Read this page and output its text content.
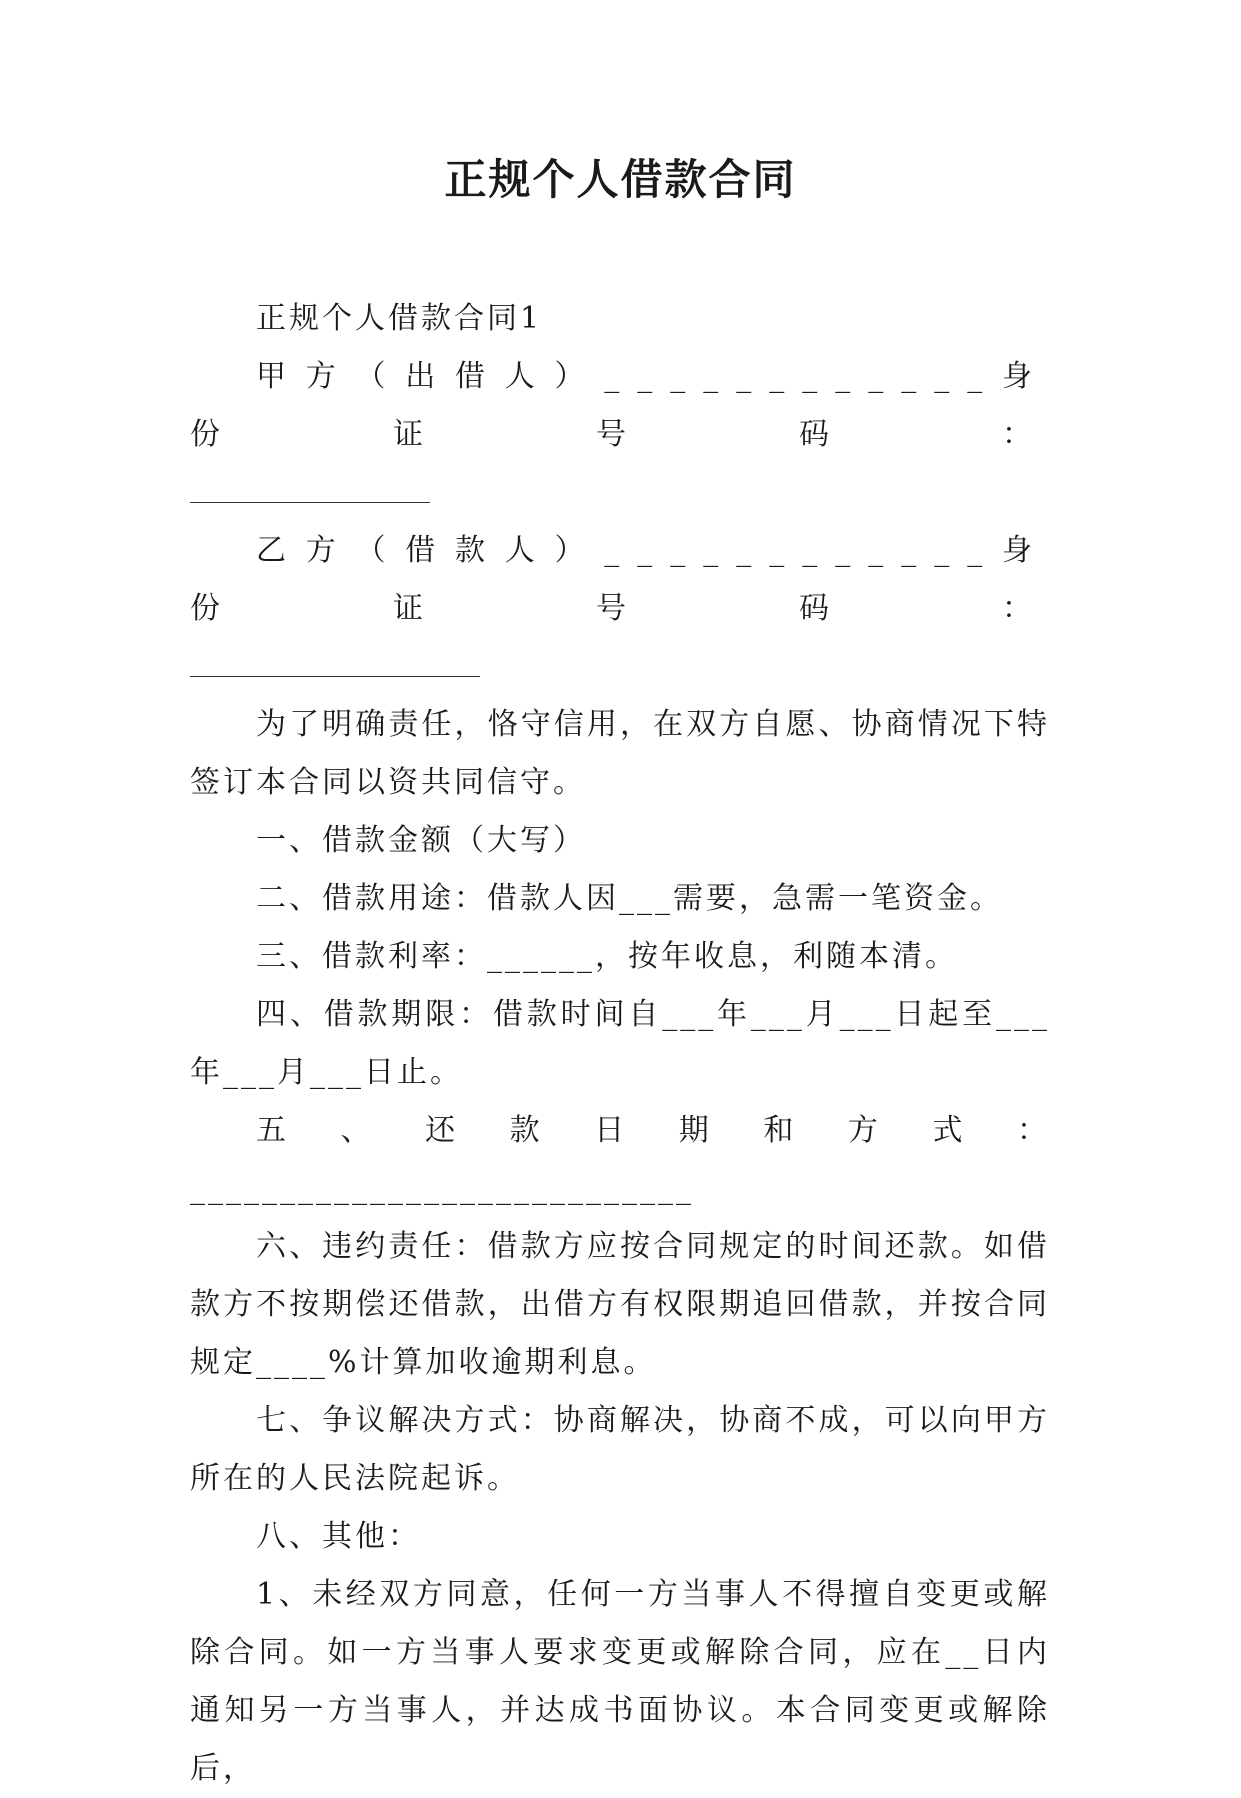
正规个人借款合同

正规个人借款合同1

甲方（出借人）____________身份证号码：

乙方（借款人）____________身份证号码：

为了明确责任，恪守信用，在双方自愿、协商情况下特签订本合同以资共同信守。

一、借款金额（大写）

二、借款用途：借款人因___需要，急需一笔资金。

三、借款利率：______，按年收息，利随本清。

四、借款期限：借款时间自___年___月___日起至___年___月___日止。

五、还款日期和方式：____________________________

六、违约责任：借款方应按合同规定的时间还款。如借款方不按期偿还借款，出借方有权限期追回借款，并按合同规定____%计算加收逾期利息。

七、争议解决方式：协商解决，协商不成，可以向甲方所在的人民法院起诉。

八、其他：

1、未经双方同意，任何一方当事人不得擅自变更或解除合同。如一方当事人要求变更或解除合同，应在__日内通知另一方当事人，并达成书面协议。本合同变更或解除后，
